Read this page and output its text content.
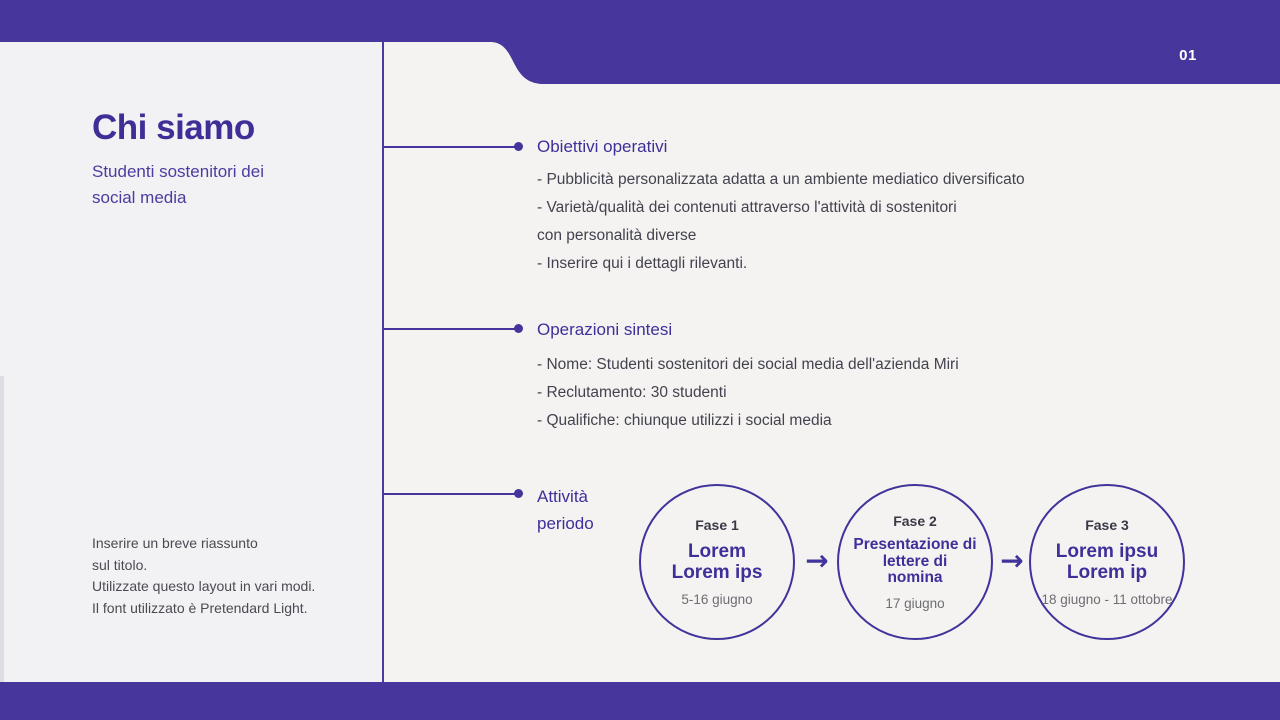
01
Chi siamo
Studenti sostenitori dei
social media
Inserire un breve riassunto
sul titolo.
Utilizzate questo layout in vari modi.
Il font utilizzato è Pretendard Light.
Obiettivi operativi
- Pubblicità personalizzata adatta a un ambiente mediatico diversificato
- Varietà/qualità dei contenuti attraverso l'attività di sostenitori
con personalità diverse
- Inserire qui i dettagli rilevanti.
Operazioni sintesi
- Nome: Studenti sostenitori dei social media dell'azienda Miri
- Reclutamento: 30 studenti
- Qualifiche: chiunque utilizzi i social media
Attività
periodo	Fase 1
Lorem
Lorem ips
5-16 giugno
→
Fase 2
Presentazione di
lettere di
nomina
17 giugno
→
Fase 3
Lorem ipsu
Lorem ip
18 giugno - 11 ottobre
